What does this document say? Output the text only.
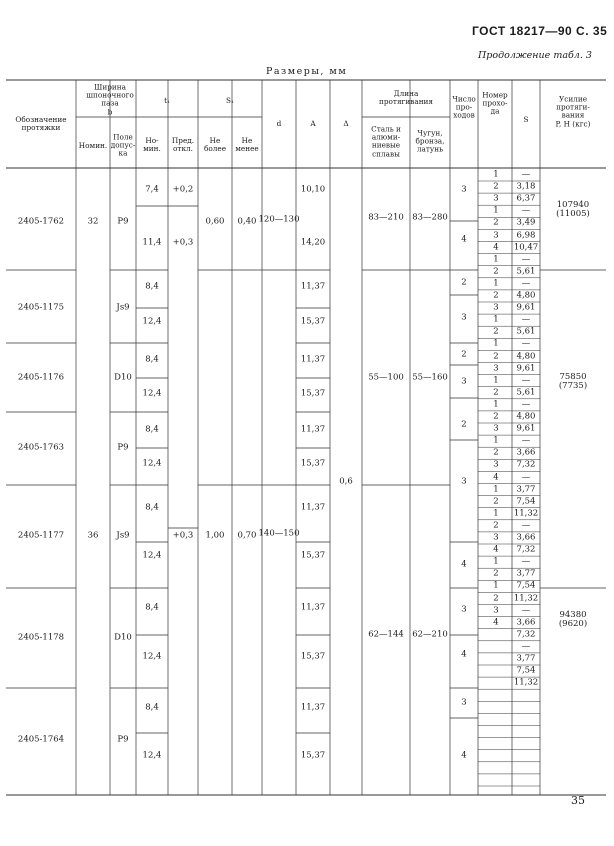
ГОСТ 18217—90 С. 35
Продолжение табл. 3
Размеры, мм
Обозначение
протяжки
Ширина
шпоночного
паза
b
Номин.
Поле
допус-
ка
t₁
Но-
мин.
Пред.
откл.
S₁
Не
более
Не
менее
d	A	Δ
Длина
протягивания
Сталь и
алюми-
ниевые
сплавы
Чугун,
бронза,
латунь
Число
про-
ходов
Номер
прохо-
да
S
Усилие
протяги-
вания
P, Н (кгс)
2405-1762
2405-1175
2405-1176
2405-1763
2405-1177
2405-1178
2405-1764
32
36
P9
Js9
D10
P9
Js9
D10
P9
7,4
11,4
8,4
12,4
8,4
12,4
8,4
12,4
8,4
12,4
8,4
12,4
8,4
12,4
+0,2
+0,3
+0,3
0,60 0,40
1,00 0,70
120—130
140—150
10,10
14,20
11,37
15,37
11,37
15,37
11,37
15,37
11,37
15,37
11,37
15,37
11,37
15,37
0,6
83—210
55—100
62—144
83—280
55—160
62—210
3
4
2
3
2
3
2
3
4
3
4
3
4
1
2
3
1
2
3
4
1
2
1
2
3
1
2
1
2
3
1
2
1
2
3
1
2
3
4
1
2
1
2
3
4
1
2
1
2
3
4
—
3,18
6,37
—
3,49
6,98
10,47
—
5,61
—
4,80
9,61
—
5,61
—
4,80
9,61
—
5,61
—
4,80
9,61
—
3,66
7,32
—
3,77
7,54
11,32
—
3,66
7,32
—
3,77
7,54
11,32
—
3,66
7,32
—
3,77
7,54
11,32
107940
(11005)
75850
(7735)
94380
(9620)
35
